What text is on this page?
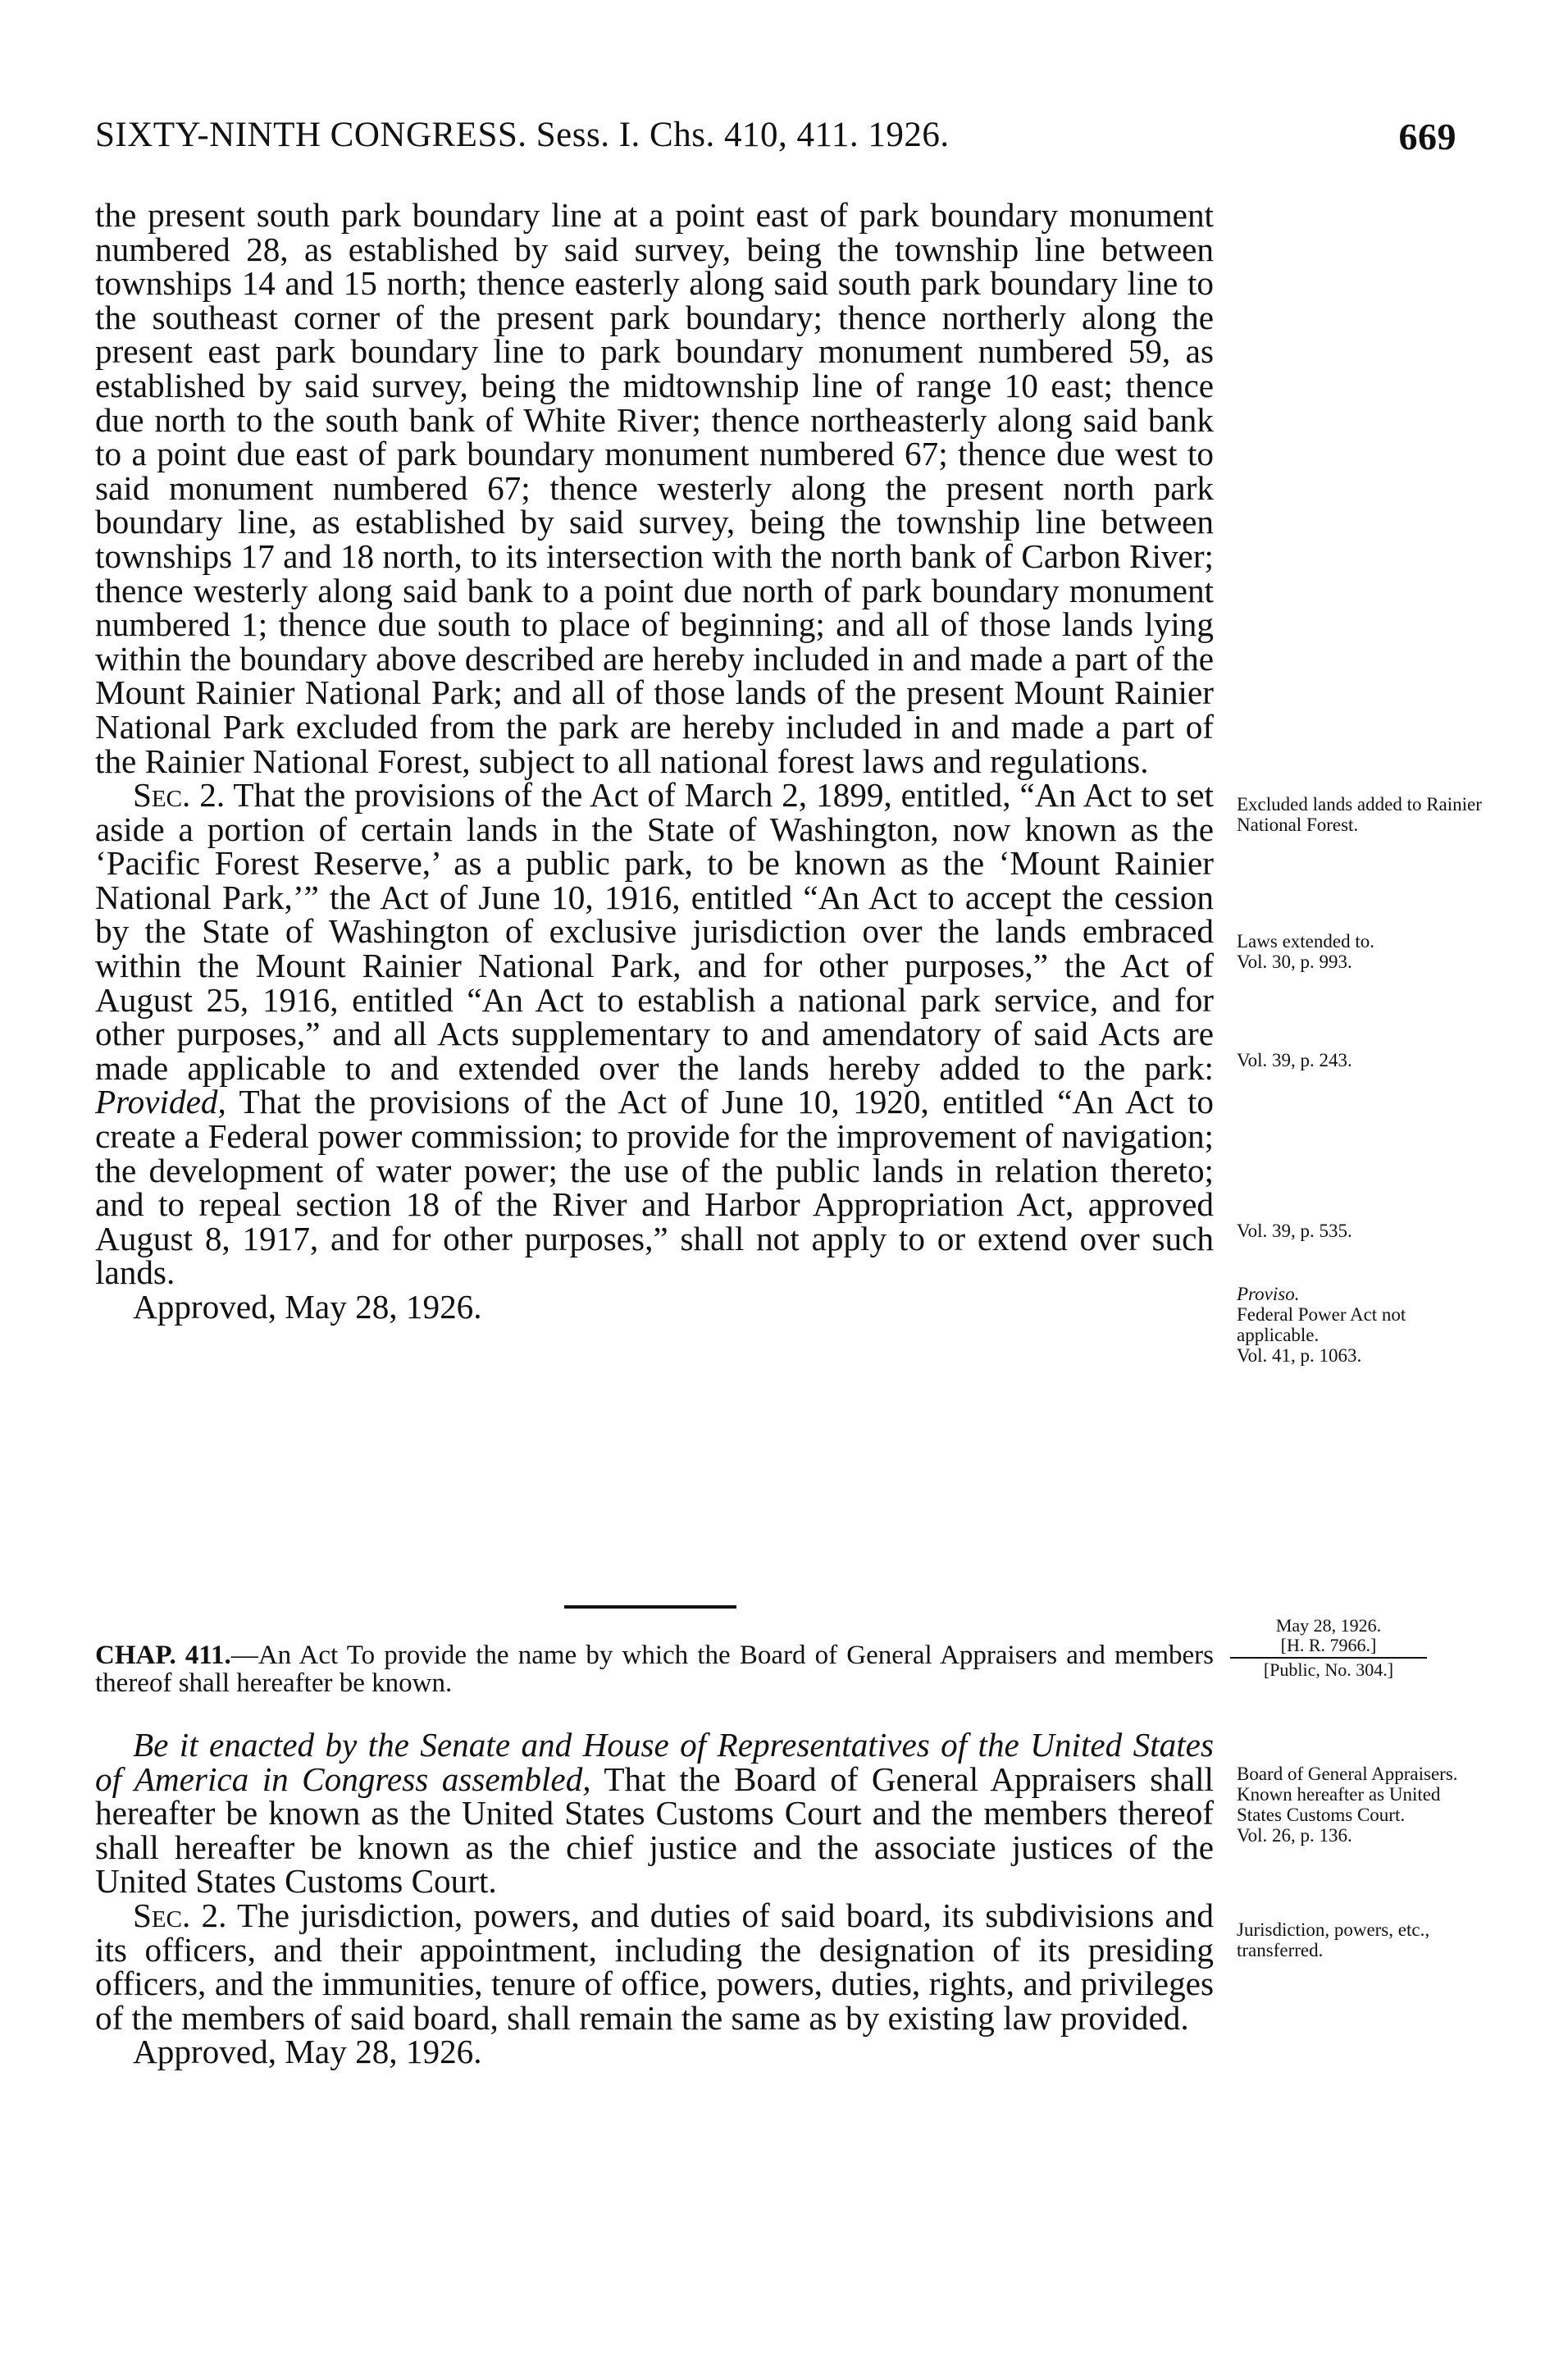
SIXTY-NINTH CONGRESS. Sess. I. Chs. 410, 411. 1926.	669

the present south park boundary line at a point east of park boundary monument numbered 28, as established by said survey, being the township line between townships 14 and 15 north; thence easterly along said south park boundary line to the southeast corner of the present park boundary; thence northerly along the present east park boundary line to park boundary monument numbered 59, as established by said survey, being the midtownship line of range 10 east; thence due north to the south bank of White River; thence northeasterly along said bank to a point due east of park boundary monument numbered 67; thence due west to said monument numbered 67; thence westerly along the present north park boundary line, as established by said survey, being the township line between townships 17 and 18 north, to its intersection with the north bank of Carbon River; thence westerly along said bank to a point due north of park boundary monument numbered 1; thence due south to place of beginning; and all of those lands lying within the boundary above described are hereby included in and made a part of the Mount Rainier National Park; and all of those lands of the present Mount Rainier National Park excluded from the park are hereby included in and made a part of the Rainier National Forest, subject to all national forest laws and regulations.

Sec. 2. That the provisions of the Act of March 2, 1899, entitled, “An Act to set aside a portion of certain lands in the State of Washington, now known as the ‘Pacific Forest Reserve,’ as a public park, to be known as the ‘Mount Rainier National Park,’” the Act of June 10, 1916, entitled “An Act to accept the cession by the State of Washington of exclusive jurisdiction over the lands embraced within the Mount Rainier National Park, and for other purposes,” the Act of August 25, 1916, entitled “An Act to establish a national park service, and for other purposes,” and all Acts supplementary to and amendatory of said Acts are made applicable to and extended over the lands hereby added to the park: Provided, That the provisions of the Act of June 10, 1920, entitled “An Act to create a Federal power commission; to provide for the improvement of navigation; the development of water power; the use of the public lands in relation thereto; and to repeal section 18 of the River and Harbor Appropriation Act, approved August 8, 1917, and for other purposes,” shall not apply to or extend over such lands.

Approved, May 28, 1926.

Excluded lands added to Rainier National Forest.
Laws extended to.
Vol. 30, p. 993.
Vol. 39, p. 243.
Vol. 39, p. 535.
Proviso.
Federal Power Act not applicable.
Vol. 41, p. 1063.
CHAP. 411.—An Act To provide the name by which the Board of General Appraisers and members thereof shall hereafter be known.
May 28, 1926.
[H. R. 7966.]
[Public, No. 304.]

Be it enacted by the Senate and House of Representatives of the United States of America in Congress assembled, That the Board of General Appraisers shall hereafter be known as the United States Customs Court and the members thereof shall hereafter be known as the chief justice and the associate justices of the United States Customs Court.

Sec. 2. The jurisdiction, powers, and duties of said board, its subdivisions and its officers, and their appointment, including the designation of its presiding officers, and the immunities, tenure of office, powers, duties, rights, and privileges of the members of said board, shall remain the same as by existing law provided.

Approved, May 28, 1926.

Board of General Appraisers.
Known hereafter as United States Customs Court.
Vol. 26, p. 136.
Jurisdiction, powers, etc., transferred.
